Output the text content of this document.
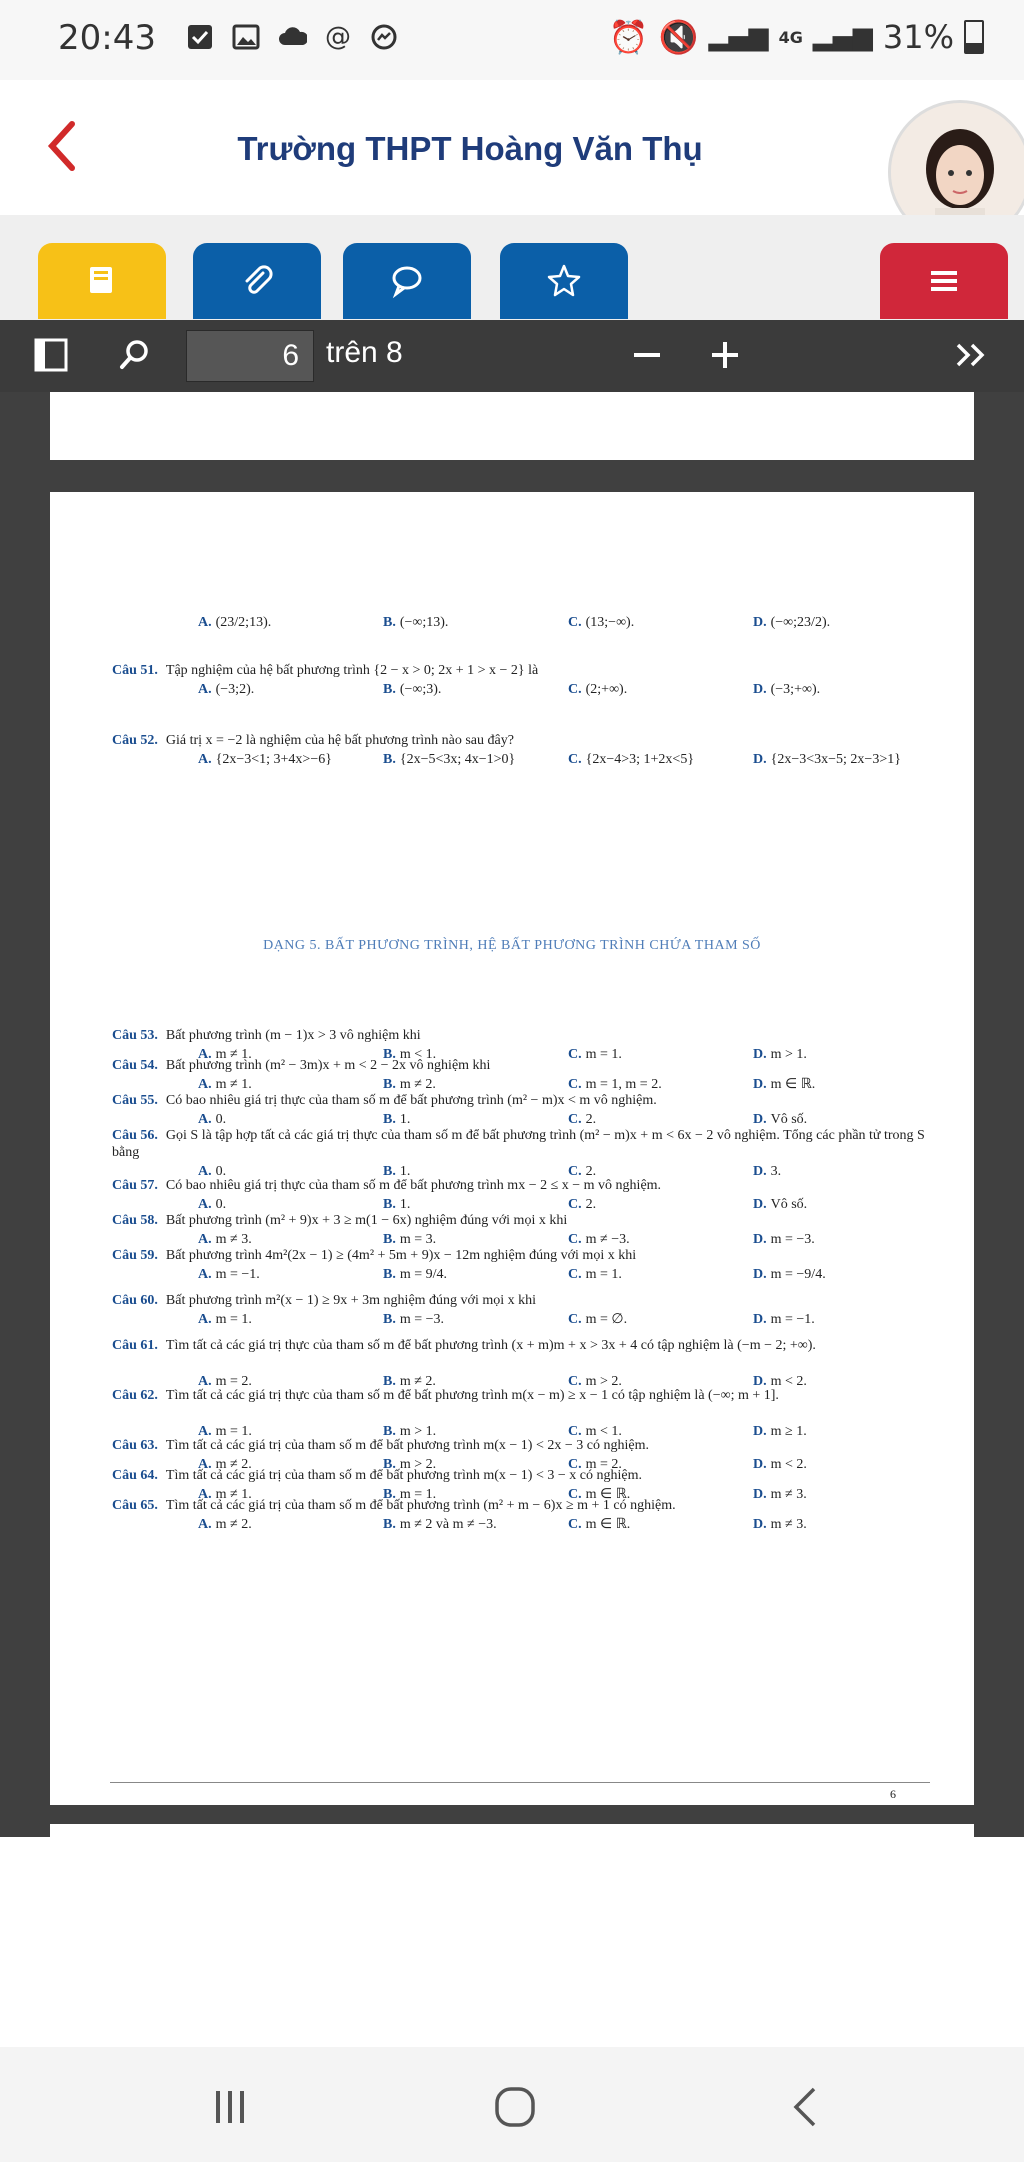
20:43	@	⏰ 🔇 ▂▄▆ 4G ▂▄▆ 31%
Trường THPT Hoàng Văn Thụ
6 trên 8
A. (23/2;13).	B. (−∞;13).	C. (13;−∞).	D. (−∞;23/2).
DẠNG 5. BẤT PHƯƠNG TRÌNH, HỆ BẤT PHƯƠNG TRÌNH CHỨA THAM SỐ
Câu 51. Tập nghiệm của hệ bất phương trình {2 − x > 0; 2x + 1 > x − 2} là
A. (−3;2).	B. (−∞;3).	C. (2;+∞).	D. (−3;+∞).
Câu 52. Giá trị x = −2 là nghiệm của hệ bất phương trình nào sau đây?
A. {2x−3<1; 3+4x>−6}	B. {2x−5<3x; 4x−1>0}	C. {2x−4>3; 1+2x<5}	D. {2x−3<3x−5; 2x−3>1}
Câu 53. Bất phương trình (m − 1)x > 3 vô nghiệm khi
A. m ≠ 1.	B. m < 1.	C. m = 1.	D. m > 1.
Câu 54. Bất phương trình (m² − 3m)x + m < 2 − 2x vô nghiệm khi
A. m ≠ 1.	B. m ≠ 2.	C. m = 1, m = 2.	D. m ∈ ℝ.
Câu 55. Có bao nhiêu giá trị thực của tham số m để bất phương trình (m² − m)x < m vô nghiệm.
A. 0.	B. 1.	C. 2.	D. Vô số.
Câu 56. Gọi S là tập hợp tất cả các giá trị thực của tham số m để bất phương trình (m² − m)x + m < 6x − 2 vô nghiệm. Tổng các phần tử trong S bằng
A. 0.	B. 1.	C. 2.	D. 3.
Câu 57. Có bao nhiêu giá trị thực của tham số m để bất phương trình mx − 2 ≤ x − m vô nghiệm.
A. 0.	B. 1.	C. 2.	D. Vô số.
Câu 58. Bất phương trình (m² + 9)x + 3 ≥ m(1 − 6x) nghiệm đúng với mọi x khi
A. m ≠ 3.	B. m = 3.	C. m ≠ −3.	D. m = −3.
Câu 59. Bất phương trình 4m²(2x − 1) ≥ (4m² + 5m + 9)x − 12m nghiệm đúng với mọi x khi
A. m = −1.	B. m = 9/4.	C. m = 1.	D. m = −9/4.
Câu 60. Bất phương trình m²(x − 1) ≥ 9x + 3m nghiệm đúng với mọi x khi
A. m = 1.	B. m = −3.	C. m = ∅.	D. m = −1.
Câu 61. Tìm tất cả các giá trị thực của tham số m để bất phương trình (x + m)m + x > 3x + 4 có tập nghiệm là (−m − 2; +∞).
A. m = 2.	B. m ≠ 2.	C. m > 2.	D. m < 2.
Câu 62. Tìm tất cả các giá trị thực của tham số m để bất phương trình m(x − m) ≥ x − 1 có tập nghiệm là (−∞; m + 1].
A. m = 1.	B. m > 1.	C. m < 1.	D. m ≥ 1.
Câu 63. Tìm tất cả các giá trị của tham số m để bất phương trình m(x − 1) < 2x − 3 có nghiệm.
A. m ≠ 2.	B. m > 2.	C. m = 2.	D. m < 2.
Câu 64. Tìm tất cả các giá trị của tham số m để bất phương trình m(x − 1) < 3 − x có nghiệm.
A. m ≠ 1.	B. m = 1.	C. m ∈ ℝ.	D. m ≠ 3.
Câu 65. Tìm tất cả các giá trị của tham số m để bất phương trình (m² + m − 6)x ≥ m + 1 có nghiệm.
A. m ≠ 2.	B. m ≠ 2 và m ≠ −3.	C. m ∈ ℝ.	D. m ≠ 3.
6
